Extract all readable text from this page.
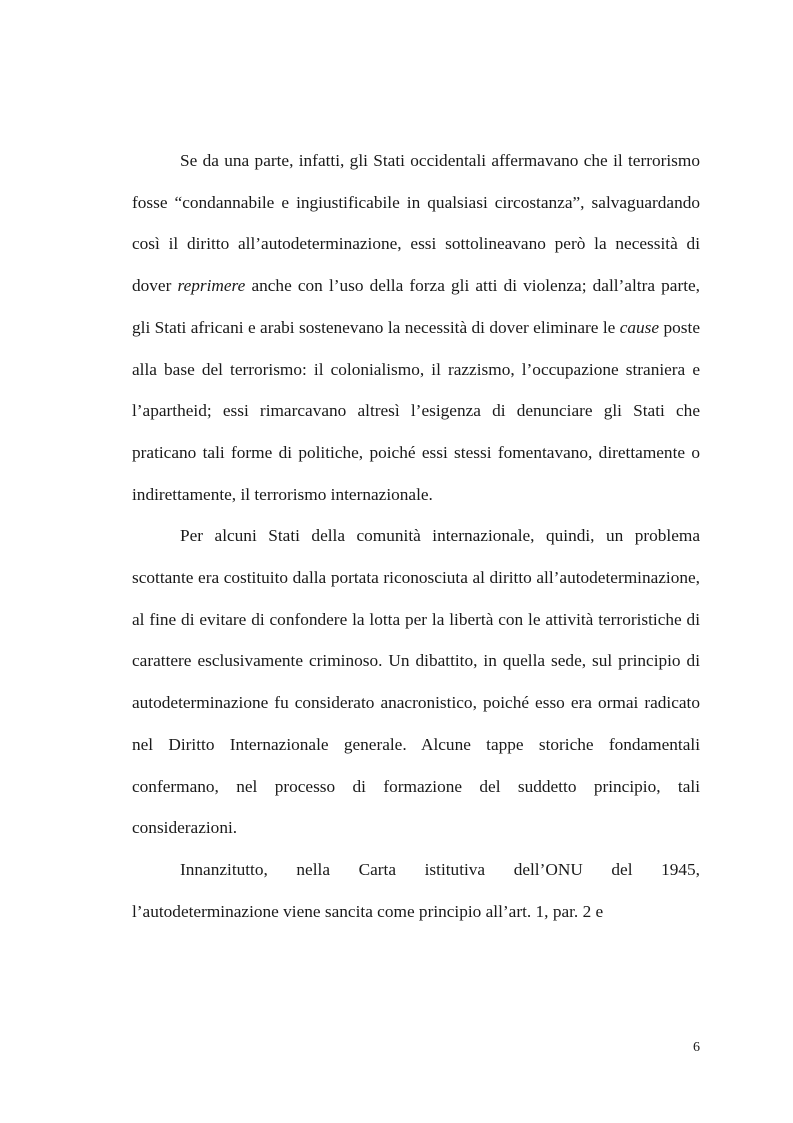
Se da una parte, infatti, gli Stati occidentali affermavano che il terrorismo fosse “condannabile e ingiustificabile in qualsiasi circostanza”, salvaguardando così il diritto all’autodeterminazione, essi sottolineavano però la necessità di dover reprimere anche con l’uso della forza gli atti di violenza; dall’altra parte, gli Stati africani e arabi sostenevano la necessità di dover eliminare le cause poste alla base del terrorismo: il colonialismo, il razzismo, l’occupazione straniera e l’apartheid; essi rimarcavano altresì l’esigenza di denunciare gli Stati che praticano tali forme di politiche, poiché essi stessi fomentavano, direttamente o indirettamente, il terrorismo internazionale.

Per alcuni Stati della comunità internazionale, quindi, un problema scottante era costituito dalla portata riconosciuta al diritto all’autodeterminazione, al fine di evitare di confondere la lotta per la libertà con le attività terroristiche di carattere esclusivamente criminoso. Un dibattito, in quella sede, sul principio di autodeterminazione fu considerato anacronistico, poiché esso era ormai radicato nel Diritto Internazionale generale. Alcune tappe storiche fondamentali confermano, nel processo di formazione del suddetto principio, tali considerazioni.

Innanzitutto, nella Carta istitutiva dell’ONU del 1945, l’autodeterminazione viene sancita come principio all’art. 1, par. 2 e

6
